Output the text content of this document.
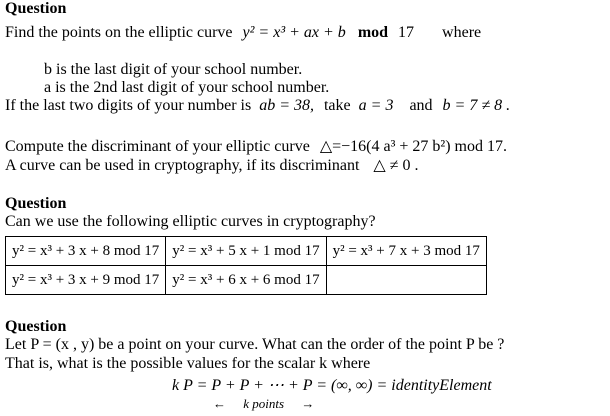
Question
Find the points on the elliptic curve y² = x³ + ax + b mod 17 where
b is the last digit of your school number.
a is the 2nd last digit of your school number.
If the last two digits of your number is ab = 38, take a = 3 and b = 7 ≠ 8 .
Compute the discriminant of your elliptic curve △=−16(4 a³ + 27 b²) mod 17.
A curve can be used in cryptography, if its discriminant △ ≠ 0 .
Question
Can we use the following elliptic curves in cryptography?
y² = x³ + 3 x + 8 mod 17	y² = x³ + 5 x + 1 mod 17	y² = x³ + 7 x + 3 mod 17
y² = x³ + 3 x + 9 mod 17	y² = x³ + 6 x + 6 mod 17	
Question
Let P = (x , y) be a point on your curve. What can the order of the point P be ?
That is, what is the possible values for the scalar k where
k P = P + P + ⋯ + P = (∞, ∞) = identityElement
← k points →
